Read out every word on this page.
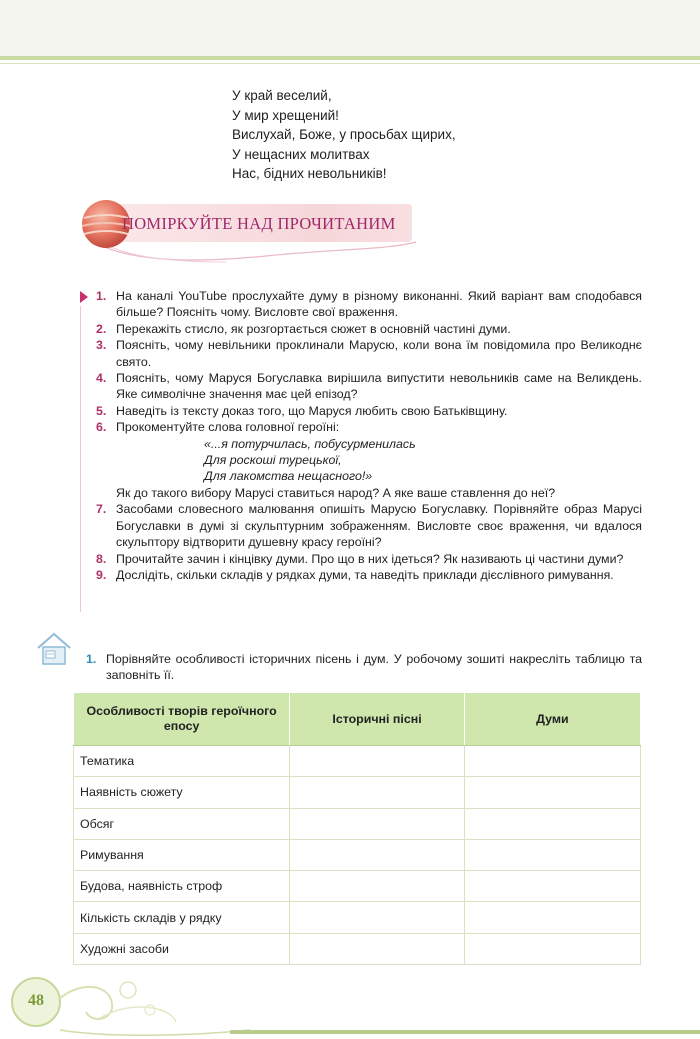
У край веселий,
У мир хрещений!
Вислухай, Боже, у просьбах щирих,
У нещасних молитвах
Нас, бідних невольників!
ПОМІРКУЙТЕ НАД ПРОЧИТАНИМ
1. На каналі YouTube прослухайте думу в різному виконанні. Який варіант вам сподобався більше? Поясніть чому. Висловте свої враження.
2. Перекажіть стисло, як розгортається сюжет в основній частині думи.
3. Поясніть, чому невільники проклинали Марусю, коли вона їм повідомила про Великоднє свято.
4. Поясніть, чому Маруся Богуславка вирішила випустити невольників саме на Великдень. Яке символічне значення має цей епізод?
5. Наведіть із тексту доказ того, що Маруся любить свою Батьківщину.
6. Прокоментуйте слова головної героїні:
«...я потурчилась, побусурменилась
Для роскоші турецької,
Для лакомства нещасного!»
Як до такого вибору Марусі ставиться народ? А яке ваше ставлення до неї?
7. Засобами словесного малювання опишіть Марусю Богуславку. Порівняйте образ Марусі Богуславки в думі зі скульптурним зображенням. Висловте своє враження, чи вдалося скульптору відтворити душевну красу героїні?
8. Прочитайте зачин і кінцівку думи. Про що в них ідеться? Як називають ці частини думи?
9. Дослідіть, скільки складів у рядках думи, та наведіть приклади дієслівного римування.
1. Порівняйте особливості історичних пісень і дум. У робочому зошиті накресліть таблицю та заповніть її.
Особливості творів героїчного епосу	Історичні пісні	Думи
Тематика		
Наявність сюжету		
Обсяг		
Римування		
Будова, наявність строф		
Кількість складів у рядку		
Художні засоби		
48
